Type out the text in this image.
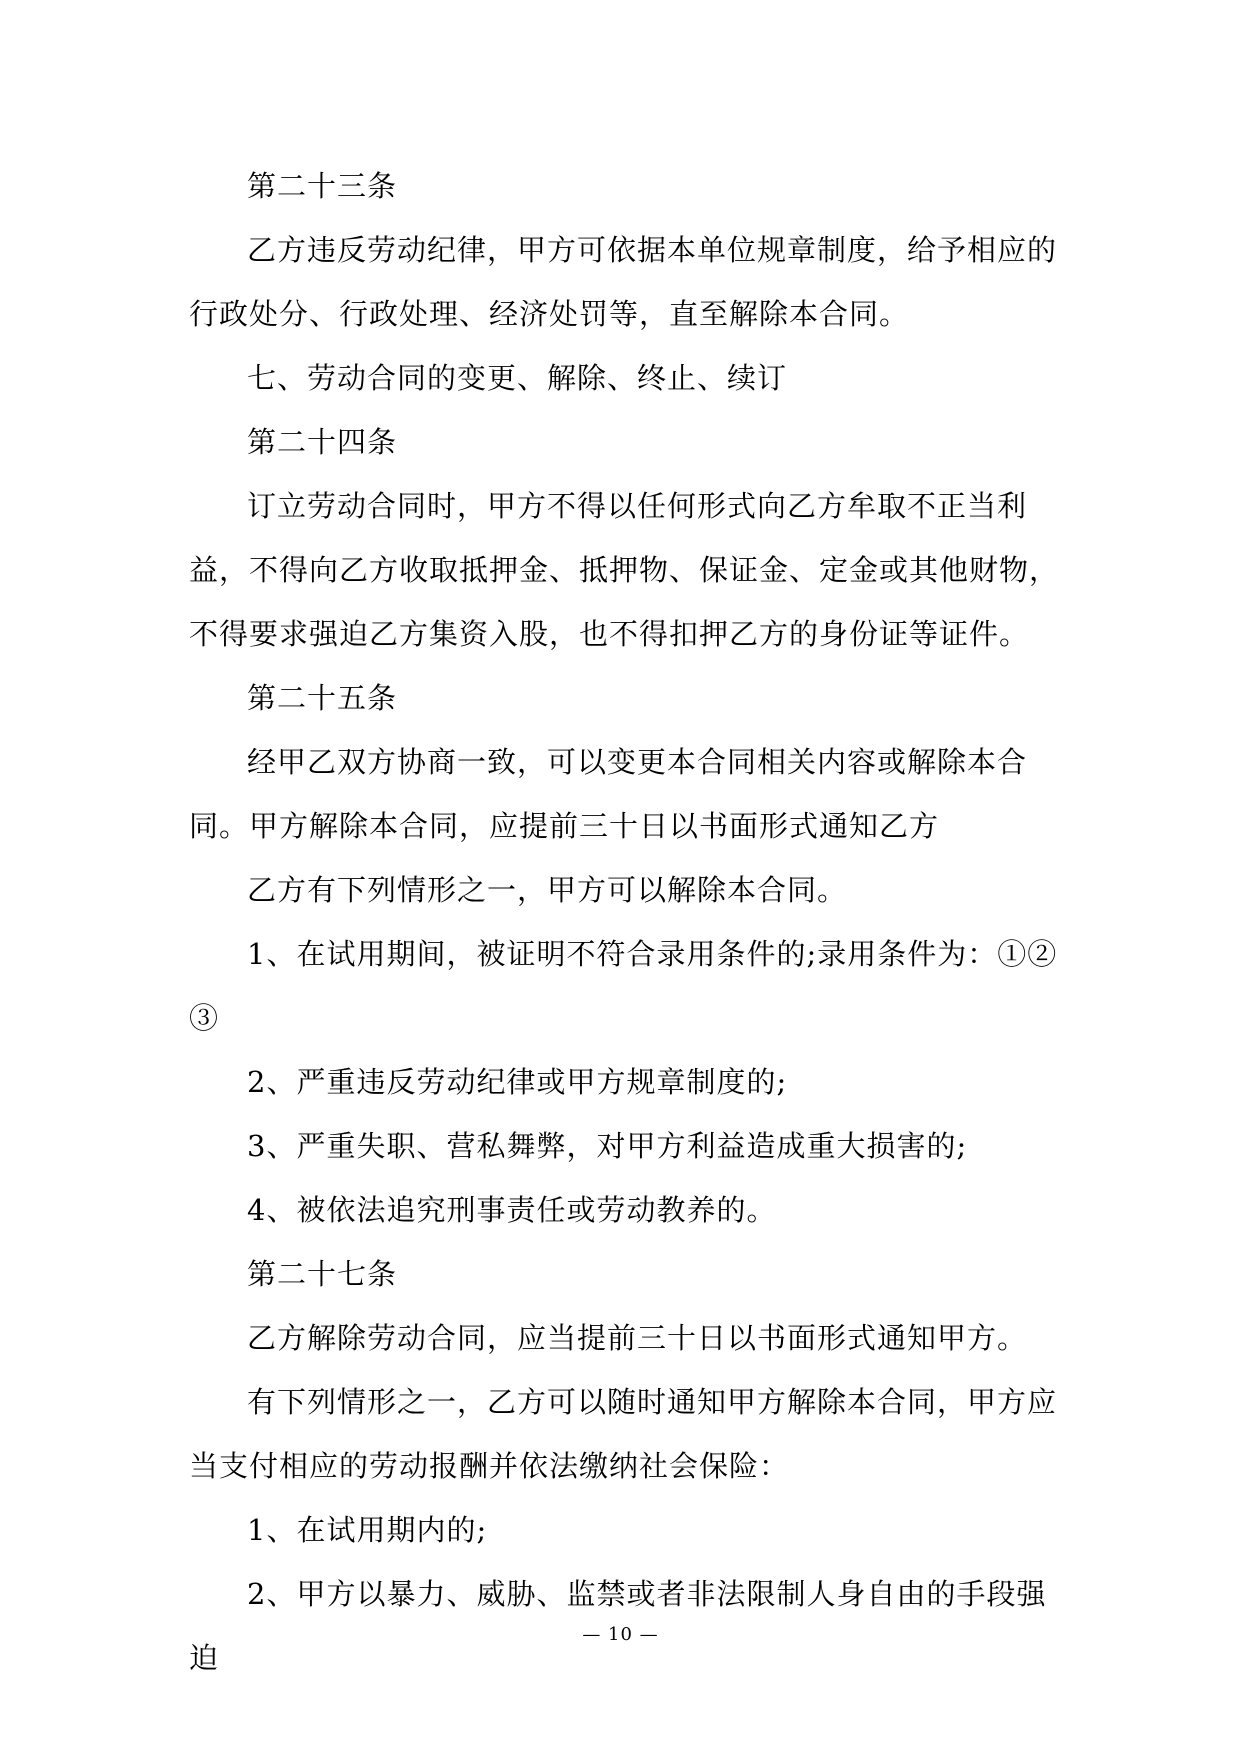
第二十三条

乙方违反劳动纪律，甲方可依据本单位规章制度，给予相应的行政处分、行政处理、经济处罚等，直至解除本合同。

七、劳动合同的变更、解除、终止、续订

第二十四条

订立劳动合同时，甲方不得以任何形式向乙方牟取不正当利益，不得向乙方收取抵押金、抵押物、保证金、定金或其他财物，不得要求强迫乙方集资入股，也不得扣押乙方的身份证等证件。

第二十五条

经甲乙双方协商一致，可以变更本合同相关内容或解除本合同。甲方解除本合同，应提前三十日以书面形式通知乙方

乙方有下列情形之一，甲方可以解除本合同。

1、在试用期间，被证明不符合录用条件的;录用条件为：①②③

2、严重违反劳动纪律或甲方规章制度的;

3、严重失职、营私舞弊，对甲方利益造成重大损害的;

4、被依法追究刑事责任或劳动教养的。

第二十七条

乙方解除劳动合同，应当提前三十日以书面形式通知甲方。

有下列情形之一，乙方可以随时通知甲方解除本合同，甲方应当支付相应的劳动报酬并依法缴纳社会保险：

1、在试用期内的;

2、甲方以暴力、威胁、监禁或者非法限制人身自由的手段强迫

— 10 —
